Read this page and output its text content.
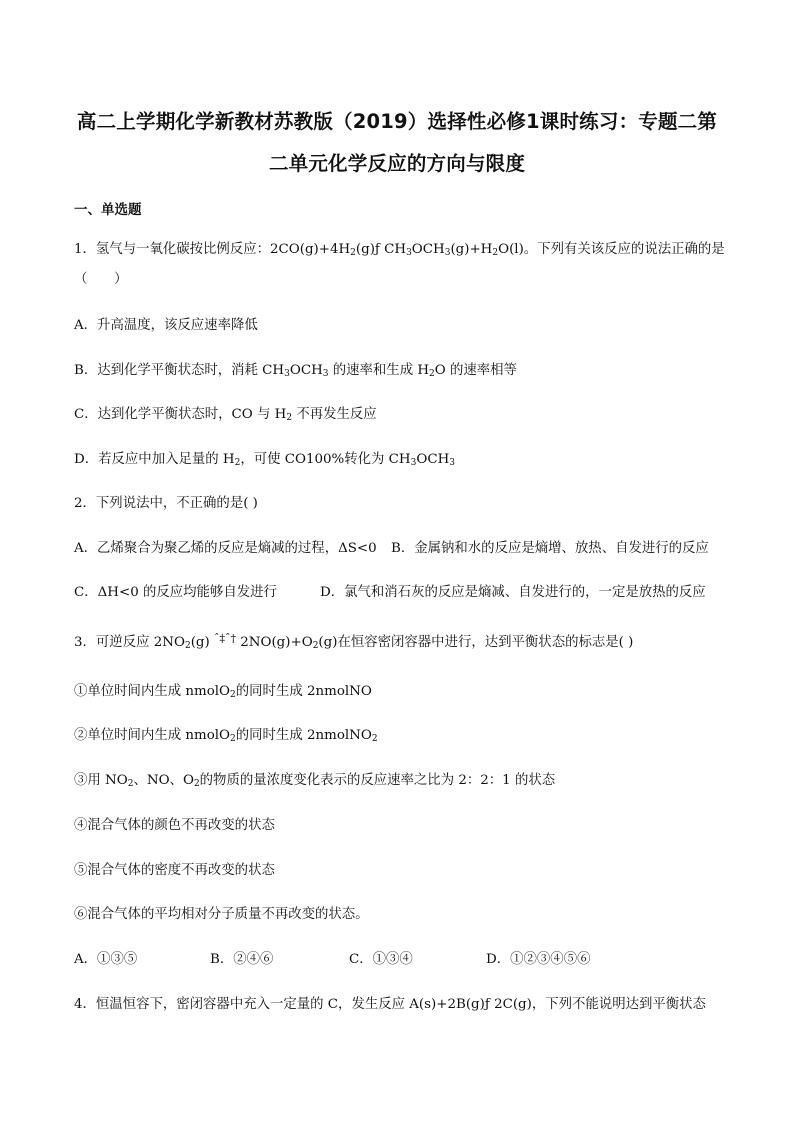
高二上学期化学新教材苏教版（2019）选择性必修1课时练习：专题二第
二单元化学反应的方向与限度
一、单选题
1．氢气与一氧化碳按比例反应：$2CO(g)+4H_2(g)ƒ$ $CH_3OCH_3(g)+H_2O(l)$。下列有关该反应的说法正确的是
（　　）
A．升高温度，该反应速率降低
B．达到化学平衡状态时，消耗 $CH_3OCH_3$ 的速率和生成 $H_2O$ 的速率相等
C．达到化学平衡状态时，CO 与 $H_2$ 不再发生反应
D．若反应中加入足量的 $H_2$，可使 CO100%转化为 $CH_3OCH_3$
2．下列说法中，不正确的是( )
A．乙烯聚合为聚乙烯的反应是熵减的过程，ΔS<0 B．金属钠和水的反应是熵增、放热、自发进行的反应
C．ΔH<0 的反应均能够自发进行	D．氯气和消石灰的反应是熵减、自发进行的，一定是放热的反应
3．可逆反应 $2NO_2(g)$ $^{ˆ\ddagger ˆ\dagger}$ $2NO(g)+O_2(g)$在恒容密闭容器中进行，达到平衡状态的标志是( )
①单位时间内生成 nmolO$_2$的同时生成 2nmolNO
②单位时间内生成 nmolO$_2$的同时生成 2nmolNO$_2$
③用 $NO_2$、NO、$O_2$的物质的量浓度变化表示的反应速率之比为 2：2：1 的状态
④混合气体的颜色不再改变的状态
⑤混合气体的密度不再改变的状态
⑥混合气体的平均相对分子质量不再改变的状态。
A．①③⑤	B．②④⑥	C．①③④	D．①②③④⑤⑥
4．恒温恒容下，密闭容器中充入一定量的 C，发生反应 A(s)+2B(g)ƒ 2C(g)，下列不能说明达到平衡状态
